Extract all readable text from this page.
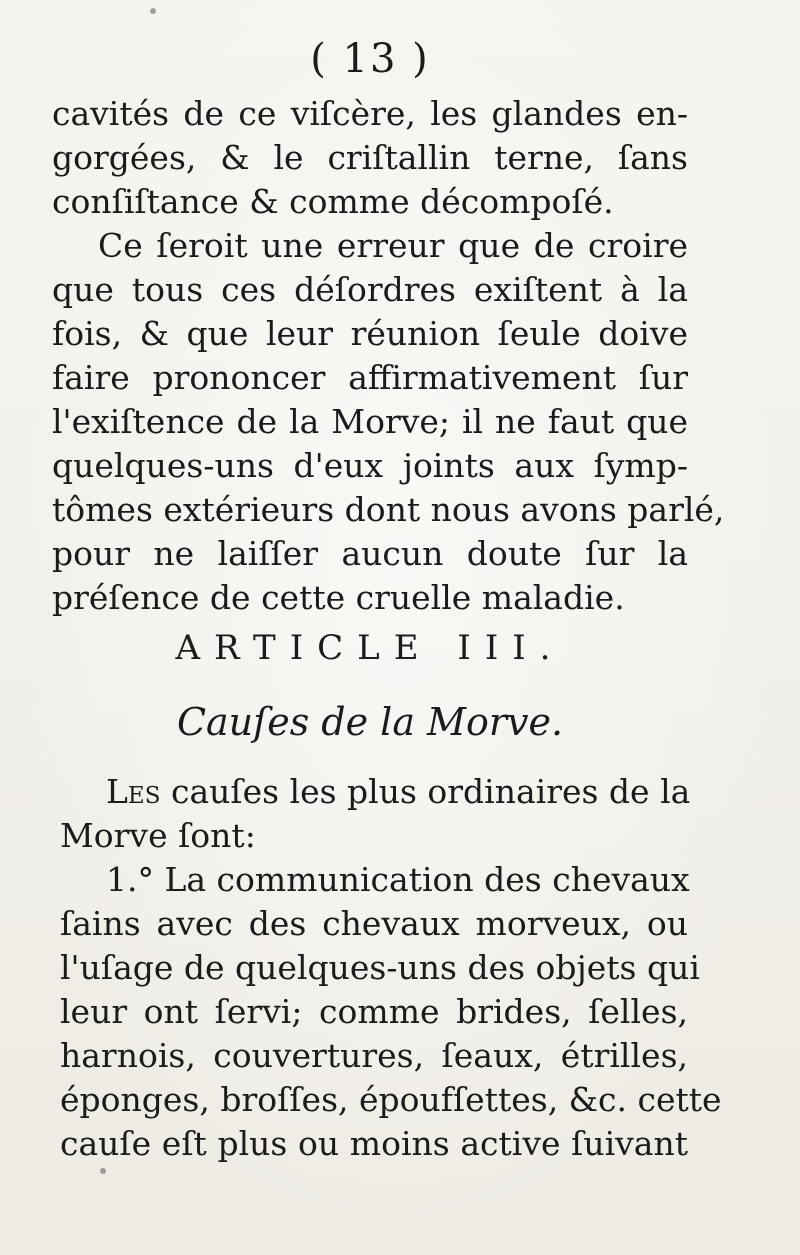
( 13 )
cavités de ce viſcère, les glandes en-
gorgées, & le criſtallin terne, ſans
conſiſtance & comme décompoſé.
Ce ſeroit une erreur que de croire
que tous ces déſordres exiſtent à la
fois, & que leur réunion ſeule doive
faire prononcer affirmativement ſur
l'exiſtence de la Morve; il ne faut que
quelques-uns d'eux joints aux ſymp-
tômes extérieurs dont nous avons parlé,
pour ne laiſſer aucun doute ſur la
préſence de cette cruelle maladie.
ARTICLE III.
Cauſes de la Morve.
Les cauſes les plus ordinaires de la
Morve ſont:
1.° La communication des chevaux
ſains avec des chevaux morveux, ou
l'uſage de quelques-uns des objets qui
leur ont ſervi; comme brides, ſelles,
harnois, couvertures, ſeaux, étrilles,
éponges, broſſes, époufſettes, &c. cette
cauſe eſt plus ou moins active ſuivant
